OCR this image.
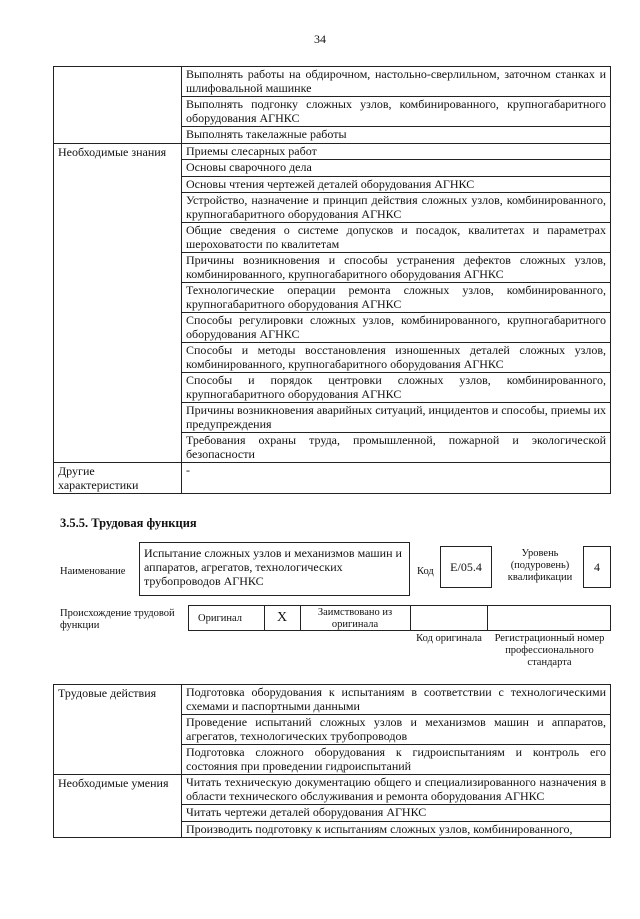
34
	Выполнять работы на обдирочном, настольно-сверлильном, заточном станках и шлифовальной машинке
	Выполнять подгонку сложных узлов, комбинированного, крупногабаритного оборудования АГНКС
	Выполнять такелажные работы
Необходимые знания	Приемы слесарных работ
	Основы сварочного дела
	Основы чтения чертежей деталей оборудования АГНКС
	Устройство, назначение и принцип действия сложных узлов, комбинированного, крупногабаритного оборудования АГНКС
	Общие сведения о системе допусков и посадок, квалитетах и параметрах шероховатости по квалитетам
	Причины возникновения и способы устранения дефектов сложных узлов, комбинированного, крупногабаритного оборудования АГНКС
	Технологические операции ремонта сложных узлов, комбинированного, крупногабаритного оборудования АГНКС
	Способы регулировки сложных узлов, комбинированного, крупногабаритного оборудования АГНКС
	Способы и методы восстановления изношенных деталей сложных узлов, комбинированного, крупногабаритного оборудования АГНКС
	Способы и порядок центровки сложных узлов, комбинированного, крупногабаритного оборудования АГНКС
	Причины возникновения аварийных ситуаций, инцидентов и способы, приемы их предупреждения
	Требования охраны труда, промышленной, пожарной и экологической безопасности
Другие характеристики	-
3.5.5. Трудовая функция
Наименование
Испытание сложных узлов и механизмов машин и аппаратов, агрегатов, технологических трубопроводов АГНКС
Код	E/05.4
Уровень (подуровень) квалификации
4
Происхождение трудовой функции
Оригинал	X	Заимствовано из оригинала
Код оригинала	Регистрационный номер профессионального стандарта
Трудовые действия	Подготовка оборудования к испытаниям в соответствии с технологическими схемами и паспортными данными
	Проведение испытаний сложных узлов и механизмов машин и аппаратов, агрегатов, технологических трубопроводов
	Подготовка сложного оборудования к гидроиспытаниям и контроль его состояния при проведении гидроиспытаний
Необходимые умения	Читать техническую документацию общего и специализированного назначения в области технического обслуживания и ремонта оборудования АГНКС
	Читать чертежи деталей оборудования АГНКС
	Производить подготовку к испытаниям сложных узлов, комбинированного,
